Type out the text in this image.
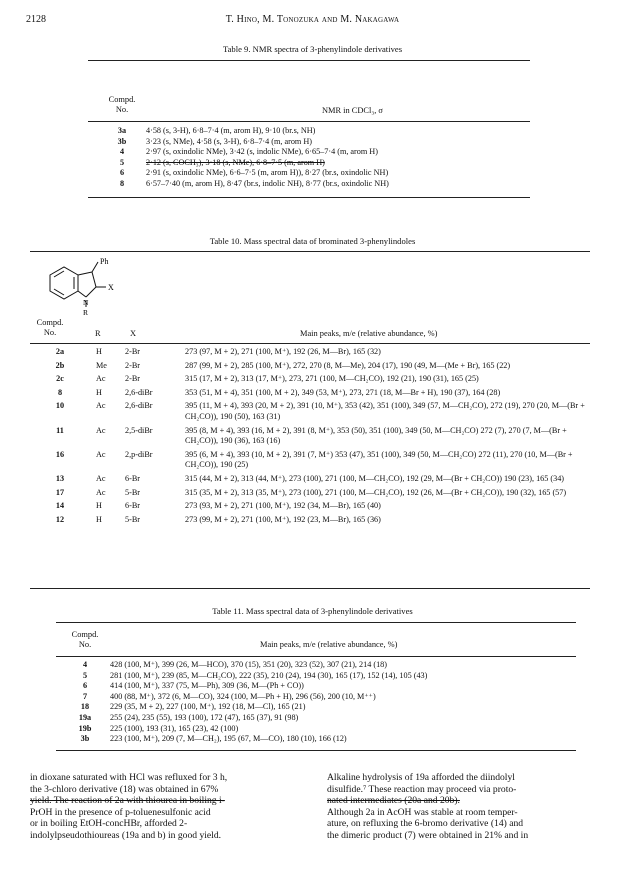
2128	T. Hino, M. Tonozuka and M. Nakagawa
Table 9. NMR spectra of 3-phenylindole derivatives
Compd.
No.	NMR in CDCl₃, σ
3a	4·58 (s, 3-H), 6·8–7·4 (m, arom H), 9·10 (br.s, NH)
3b	3·23 (s, NMe), 4·58 (s, 3-H), 6·8–7·4 (m, arom H)
4	2·97 (s, oxindolic NMe), 3·42 (s, indolic NMe), 6·65–7·4 (m, arom H)
5	2·12 (s, COCH₃), 3·18 (s, NMe), 6·8–7·5 (m, arom H)
6	2·91 (s, oxindolic NMe), 6·6–7·5 (m, arom H)), 8·27 (br.s, oxindolic NH)
8	6·57–7·40 (m, arom H), 8·47 (br.s, indolic NH), 8·77 (br.s, oxindolic NH)
Table 10. Mass spectral data of brominated 3-phenylindoles
Ph
X
N
R
Compd.
No.	R	X	Main peaks, m/e (relative abundance, %)
2a	H	2-Br	273 (97, M + 2), 271 (100, M⁺), 192 (26, M—Br), 165 (32)
2b	Me	2-Br	287 (99, M + 2), 285 (100, M⁺), 272, 270 (8, M—Me), 204 (17), 190 (49, M—(Me + Br), 165 (22)
2c	Ac	2-Br	315 (17, M + 2), 313 (17, M⁺), 273, 271 (100, M—CH₂CO), 192 (21), 190 (31), 165 (25)
8	H	2,6-diBr	353 (51, M + 4), 351 (100, M + 2), 349 (53, M⁺), 273, 271 (18, M—Br + H), 190 (37), 164 (28)
10	Ac	2,6-diBr	395 (11, M + 4), 393 (20, M + 2), 391 (10, M⁺), 353 (42), 351 (100), 349 (57, M—CH₂CO), 272 (19), 270 (20, M—(Br + CH₂CO)), 190 (50), 163 (31)
11	Ac	2,5-diBr	395 (8, M + 4), 393 (16, M + 2), 391 (8, M⁺), 353 (50), 351 (100), 349 (50, M—CH₂CO) 272 (7), 270 (7, M—(Br + CH₂CO)), 190 (36), 163 (16)
16	Ac	2,p-diBr	395 (6, M + 4), 393 (10, M + 2), 391 (7, M⁺) 353 (47), 351 (100), 349 (50, M—CH₂CO) 272 (11), 270 (10, M—(Br + CH₂CO)), 190 (25)
13	Ac	6-Br	315 (44, M + 2), 313 (44, M⁺), 273 (100), 271 (100, M—CH₂CO), 192 (29, M—(Br + CH₂CO)) 190 (23), 165 (34)
17	Ac	5-Br	315 (35, M + 2), 313 (35, M⁺), 273 (100), 271 (100, M—CH₂CO), 192 (26, M—(Br + CH₂CO)), 190 (32), 165 (57)
14	H	6-Br	273 (93, M + 2), 271 (100, M⁺), 192 (34, M—Br), 165 (40)
12	H	5-Br	273 (99, M + 2), 271 (100, M⁺), 192 (23, M—Br), 165 (36)
Table 11. Mass spectral data of 3-phenylindole derivatives
Compd.
No.	Main peaks, m/e (relative abundance, %)
4	428 (100, M⁺), 399 (26, M—HCO), 370 (15), 351 (20), 323 (52), 307 (21), 214 (18)
5	281 (100, M⁺), 239 (85, M—CH₂CO), 222 (35), 210 (24), 194 (30), 165 (17), 152 (14), 105 (43)
6	414 (100, M⁺), 337 (75, M—Ph), 309 (36, M—(Ph + CO))
7	400 (88, M⁺), 372 (6, M—CO), 324 (100, M—Ph + H), 296 (56), 200 (10, M⁺⁺)
18	229 (35, M + 2), 227 (100, M⁺), 192 (18, M—Cl), 165 (21)
19a	255 (24), 235 (55), 193 (100), 172 (47), 165 (37), 91 (98)
19b	225 (100), 193 (31), 165 (23), 42 (100)
3b	223 (100, M⁺), 209 (7, M—CH₂), 195 (67, M—CO), 180 (10), 166 (12)
in dioxane saturated with HCl was refluxed for 3 h,
the 3-chloro derivative (18) was obtained in 67%
yield. The reaction of 2a with thiourea in boiling i-
PrOH in the presence of p-toluenesulfonic acid
or in boiling EtOH-concHBr, afforded 2-
indolylpseudothioureas (19a and b) in good yield.
Alkaline hydrolysis of 19a afforded the diindolyl
disulfide.⁷ These reaction may proceed via proto-
nated intermediates (20a and 20b).
Although 2a in AcOH was stable at room temper-
ature, on refluxing the 6-bromo derivative (14) and
the dimeric product (7) were obtained in 21% and in
